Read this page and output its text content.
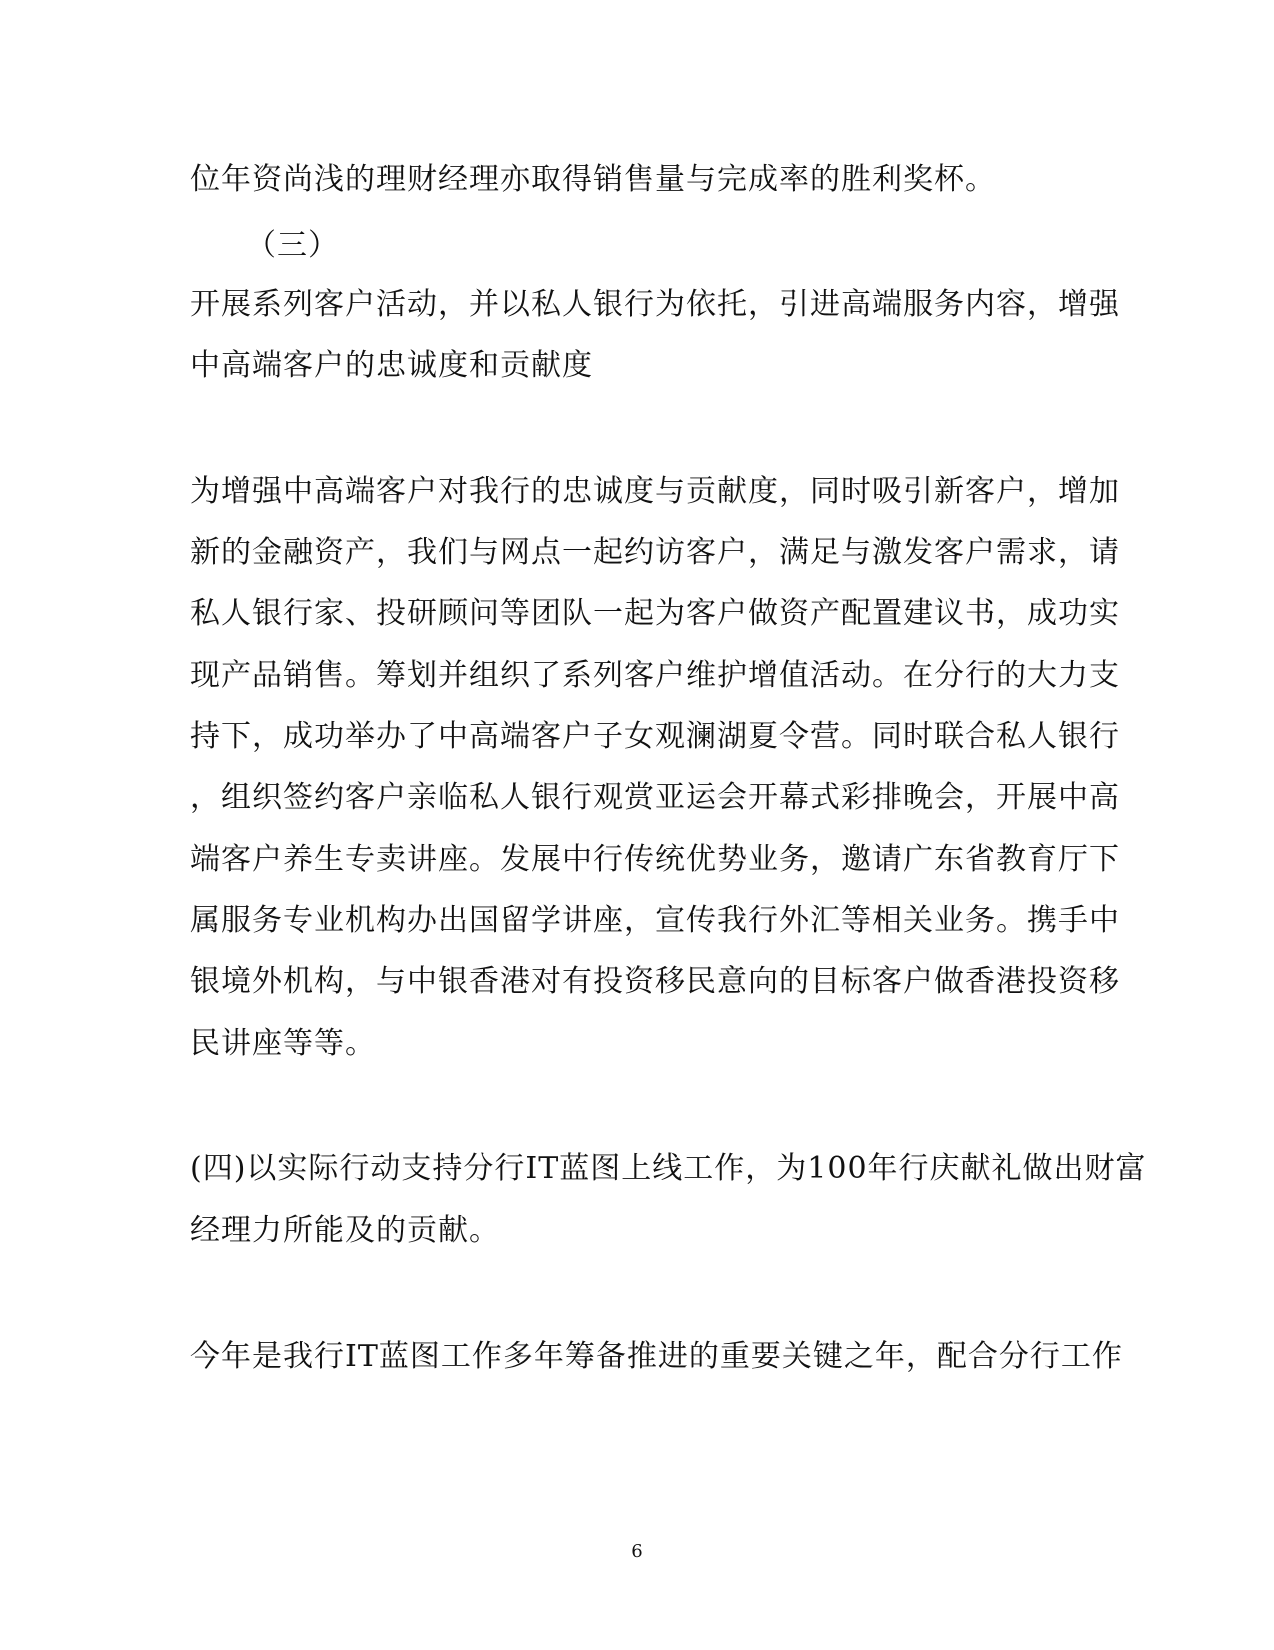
位年资尚浅的理财经理亦取得销售量与完成率的胜利奖杯。
（三）
开展系列客户活动，并以私人银行为依托，引进高端服务内容，增强
中高端客户的忠诚度和贡献度
为增强中高端客户对我行的忠诚度与贡献度，同时吸引新客户，增加
新的金融资产，我们与网点一起约访客户，满足与激发客户需求，请
私人银行家、投研顾问等团队一起为客户做资产配置建议书，成功实
现产品销售。筹划并组织了系列客户维护增值活动。在分行的大力支
持下，成功举办了中高端客户子女观澜湖夏令营。同时联合私人银行
，组织签约客户亲临私人银行观赏亚运会开幕式彩排晚会，开展中高
端客户养生专卖讲座。发展中行传统优势业务，邀请广东省教育厅下
属服务专业机构办出国留学讲座，宣传我行外汇等相关业务。携手中
银境外机构，与中银香港对有投资移民意向的目标客户做香港投资移
民讲座等等。
(四)以实际行动支持分行IT蓝图上线工作，为100年行庆献礼做出财富
经理力所能及的贡献。
今年是我行IT蓝图工作多年筹备推进的重要关键之年，配合分行工作
6
